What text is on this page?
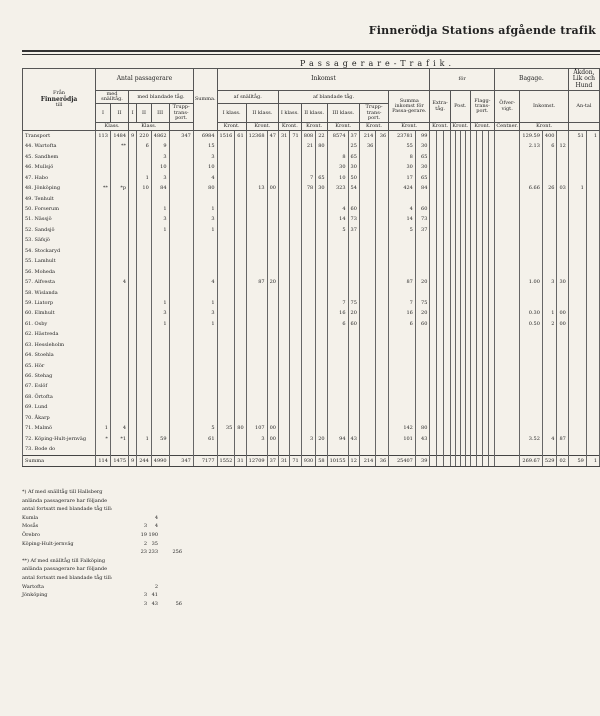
Finnerödja Stations afgående trafik
Passagerare-Trafik.
Från
Finnerödja
till	Antal passagerare						Summa.	Inkomst														för											Bagage.				Åkdon, Lik och Hund	
	med snälltåg.		med blandade tåg.					af snälltåg.				af blandade tåg.								Summa inkomst för Passa-gerare.		Extra-tåg.			Post.				Flagg-trans-port.				Öfver-vigt.	Inkomst.			An-tal	
	I	II	I	II	III	Trupp-trans-port.		I klass.		II klass.		I klass.		II klass.		III klass.		Trupp-trans-port.																				
	Klass.		Klass.					Kront.		Kront.		Kront.		Kront.		Kront.		Kront.		Kront.		Kront.			Kront.				Kront.				Centner.	Kront.				
Transport	113	1484	9	220	4862	347	6984	1516	61	12368	47	31	71	808	22	8574	37	214	36	23781	99													129.59	400		51	1
44. Wartofta		**		6	9		15							21	80		25	36		55	30													2.13	6	12		
45. Sandhem					3		3									8	65			8	65																	
46. Mullsjö					10		10									30	30			30	30																	
47. Habo				1	3		4							7	65	10	50			17	65																	
48. Jönköping	**	*p		10	84		80			13	00			78	30	323	54			424	84													6.66	26	03	1	
49. Tenhult																																						
50. Forserum					1		1									4	60			4	60																	
51. Nässjö					3		3									14	73			14	73																	
52. Sandsjö					1		1									5	37			5	37																	
53. Säfsjö																																						
54. Stockaryd																																						
55. Lamhult																																						
56. Moheda																																						
57. Alfvesta		4					4			87	20									87	20													1.00	3	30		
58. Wislanda																																						
59. Liatorp					1		1									7	75			7	75																	
60. Elmhult					3		3									16	20			16	20													0.30	1	00		
61. Osby					1		1									6	60			6	60													0.50	2	00		
62. Hästveda																																						
63. Hessleholm																																						
64. Stoehla																																						
65. Hör																																						
66. Stehag																																						
67. Eslöf																																						
68. Örtofta																																						
69. Lund																																						
70. Åkarp																																						
71. Malmö	1	4					5	35	80	107	00									142	80																	
72. Köping-Hult-jernväg	*	*1		1	59		61			3	00			3	20	94	43			101	43													3.52	4	87		
73. Bode do																																						
Summa	114	1475	9	244	4990	347	7177	1552	31	12709	37	31	71	930	58	10155	12	214	36	25407	39													269.67	529	02	59	1
*) Af med snälltåg till Hallsberg anlända passagerare har följande antal fortsatt med blandade tåg till:
Kumla	4
Mosås	3	4
Örebro	19 190
Köping-Hult-jernväg	2 35
23 233	256
**) Af med snälltåg till Falköping anlända passagerare har följande antal fortsatt med blandade tåg till:
Wartofta	2
Jönköping	3 41
3 43	56
